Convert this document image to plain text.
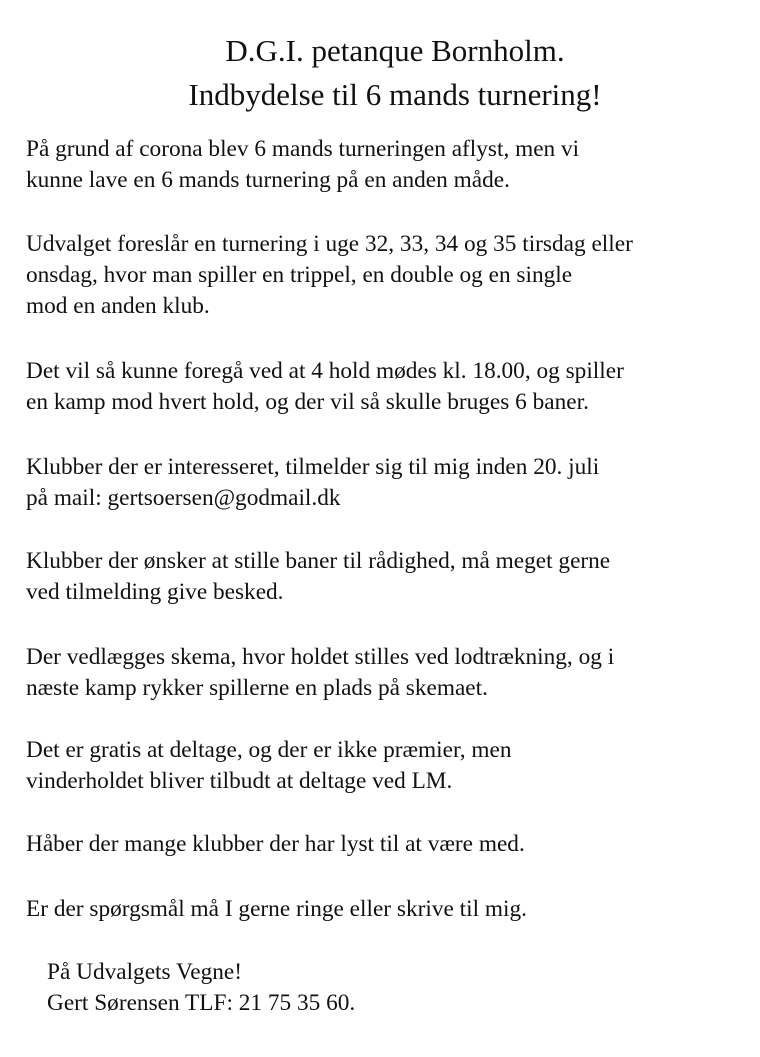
D.G.I. petanque Bornholm.
Indbydelse til 6 mands turnering!

På grund af corona blev 6 mands turneringen aflyst, men vi
kunne lave en 6 mands turnering på en anden måde.

Udvalget foreslår en turnering i uge 32, 33, 34 og 35 tirsdag eller
onsdag, hvor man spiller en trippel, en double og en single
mod en anden klub.

Det vil så kunne foregå ved at 4 hold mødes kl. 18.00, og spiller
en kamp mod hvert hold, og der vil så skulle bruges 6 baner.

Klubber der er interesseret, tilmelder sig til mig inden 20. juli
på mail: gertsoersen@godmail.dk

Klubber der ønsker at stille baner til rådighed, må meget gerne
ved tilmelding give besked.

Der vedlægges skema, hvor holdet stilles ved lodtrækning, og i
næste kamp rykker spillerne en plads på skemaet.

Det er gratis at deltage, og der er ikke præmier, men
vinderholdet bliver tilbudt at deltage ved LM.

Håber der mange klubber der har lyst til at være med.

Er der spørgsmål må I gerne ringe eller skrive til mig.

På Udvalgets Vegne!
Gert Sørensen TLF: 21 75 35 60.
